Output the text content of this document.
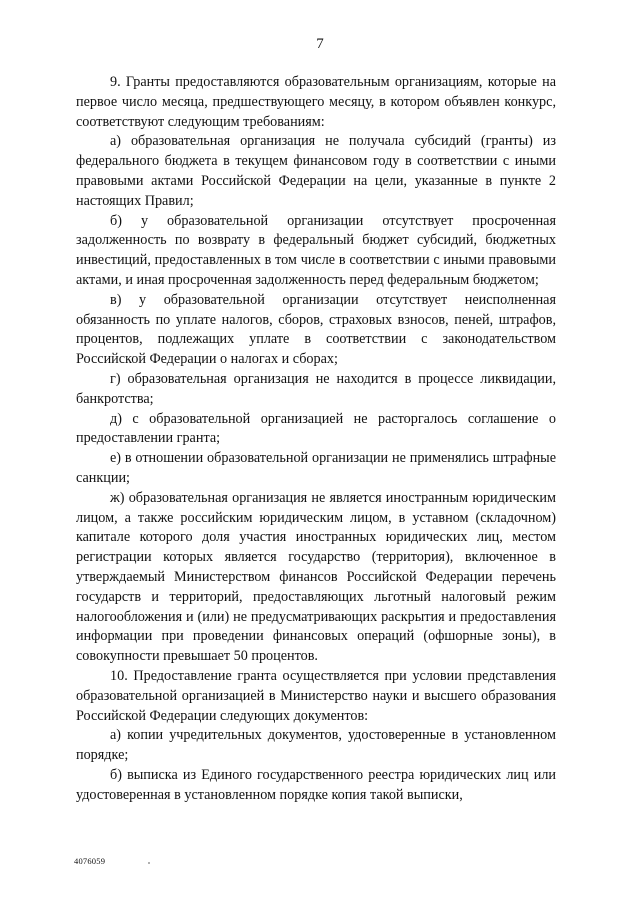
7

9. Гранты предоставляются образовательным организациям, которые на первое число месяца, предшествующего месяцу, в котором объявлен конкурс, соответствуют следующим требованиям:

а) образовательная организация не получала субсидий (гранты) из федерального бюджета в текущем финансовом году в соответствии с иными правовыми актами Российской Федерации на цели, указанные в пункте 2 настоящих Правил;

б) у образовательной организации отсутствует просроченная задолженность по возврату в федеральный бюджет субсидий, бюджетных инвестиций, предоставленных в том числе в соответствии с иными правовыми актами, и иная просроченная задолженность перед федеральным бюджетом;

в) у образовательной организации отсутствует неисполненная обязанность по уплате налогов, сборов, страховых взносов, пеней, штрафов, процентов, подлежащих уплате в соответствии с законодательством Российской Федерации о налогах и сборах;

г) образовательная организация не находится в процессе ликвидации, банкротства;

д) с образовательной организацией не расторгалось соглашение о предоставлении гранта;

е) в отношении образовательной организации не применялись штрафные санкции;

ж) образовательная организация не является иностранным юридическим лицом, а также российским юридическим лицом, в уставном (складочном) капитале которого доля участия иностранных юридических лиц, местом регистрации которых является государство (территория), включенное в утверждаемый Министерством финансов Российской Федерации перечень государств и территорий, предоставляющих льготный налоговый режим налогообложения и (или) не предусматривающих раскрытия и предоставления информации при проведении финансовых операций (офшорные зоны), в совокупности превышает 50 процентов.

10. Предоставление гранта осуществляется при условии представления образовательной организацией в Министерство науки и высшего образования Российской Федерации следующих документов:

а) копии учредительных документов, удостоверенные в установленном порядке;

б) выписка из Единого государственного реестра юридических лиц или удостоверенная в установленном порядке копия такой выписки,

4076059
